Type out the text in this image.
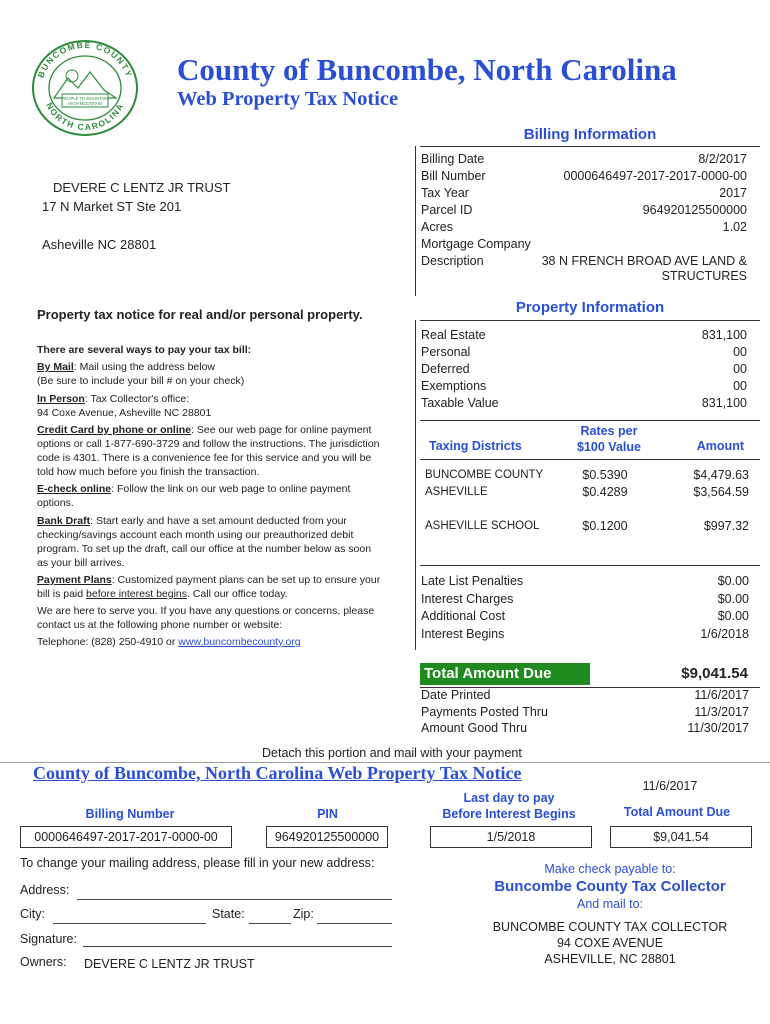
PEOPLE TO MOUNTAIN
HIGH MOUNTAIN
BUNCOMBE COUNTY
NORTH CAROLINA
County of Buncombe, North Carolina
Web Property Tax Notice
DEVERE C LENTZ JR TRUST
17 N Market ST Ste 201
Asheville NC 28801
Billing Information
Billing Date	8/2/2017
Bill Number	0000646497-2017-2017-0000-00
Tax Year	2017
Parcel ID	964920125500000
Acres	1.02
Mortgage Company
Description	38 N FRENCH BROAD AVE LAND &
STRUCTURES
Property tax notice for real and/or personal property.
There are several ways to pay your tax bill:
By Mail: Mail using the address below
(Be sure to include your bill # on your check)
In Person: Tax Collector's office:
94 Coxe Avenue, Asheville NC 28801
Credit Card by phone or online: See our web page for online payment
options or call 1-877-690-3729 and follow the instructions. The jurisdiction
code is 4301. There is a convenience fee for this service and you will be
told how much before you finish the transaction.
E-check online: Follow the link on our web page to online payment
options.
Bank Draft: Start early and have a set amount deducted from your
checking/savings account each month using our preauthorized debit
program. To set up the draft, call our office at the number below as soon
as your bill arrives.
Payment Plans: Customized payment plans can be set up to ensure your
bill is paid before interest begins. Call our office today.
We are here to serve you. If you have any questions or concerns, please
contact us at the following phone number or website:
Telephone: (828) 250-4910 or www.buncombecounty.org
Property Information
Real Estate	831,100
Personal	00
Deferred	00
Exemptions	00
Taxable Value	831,100
Taxing Districts
Rates per
$100 Value	Amount
BUNCOMBE COUNTY	$0.5390	$4,479.63
ASHEVILLE	$0.4289	$3,564.59
ASHEVILLE SCHOOL	$0.1200	$997.32
Late List Penalties	$0.00
Interest Charges	$0.00
Additional Cost	$0.00
Interest Begins	1/6/2018
Total Amount Due	$9,041.54
Date Printed	11/6/2017
Payments Posted Thru	11/3/2017
Amount Good Thru	11/30/2017
Detach this portion and mail with your payment
County of Buncombe, North Carolina Web Property Tax Notice
11/6/2017
Billing Number	PIN
Last day to pay
Before Interest Begins	Total Amount Due
0000646497-2017-2017-0000-00	964920125500000	1/5/2018	$9,041.54
To change your mailing address, please fill in your new address:
Address:
City:	State:	Zip:
Signature:
Owners: DEVERE C LENTZ JR TRUST
Make check payable to:
Buncombe County Tax Collector
And mail to:
BUNCOMBE COUNTY TAX COLLECTOR
94 COXE AVENUE
ASHEVILLE, NC 28801
